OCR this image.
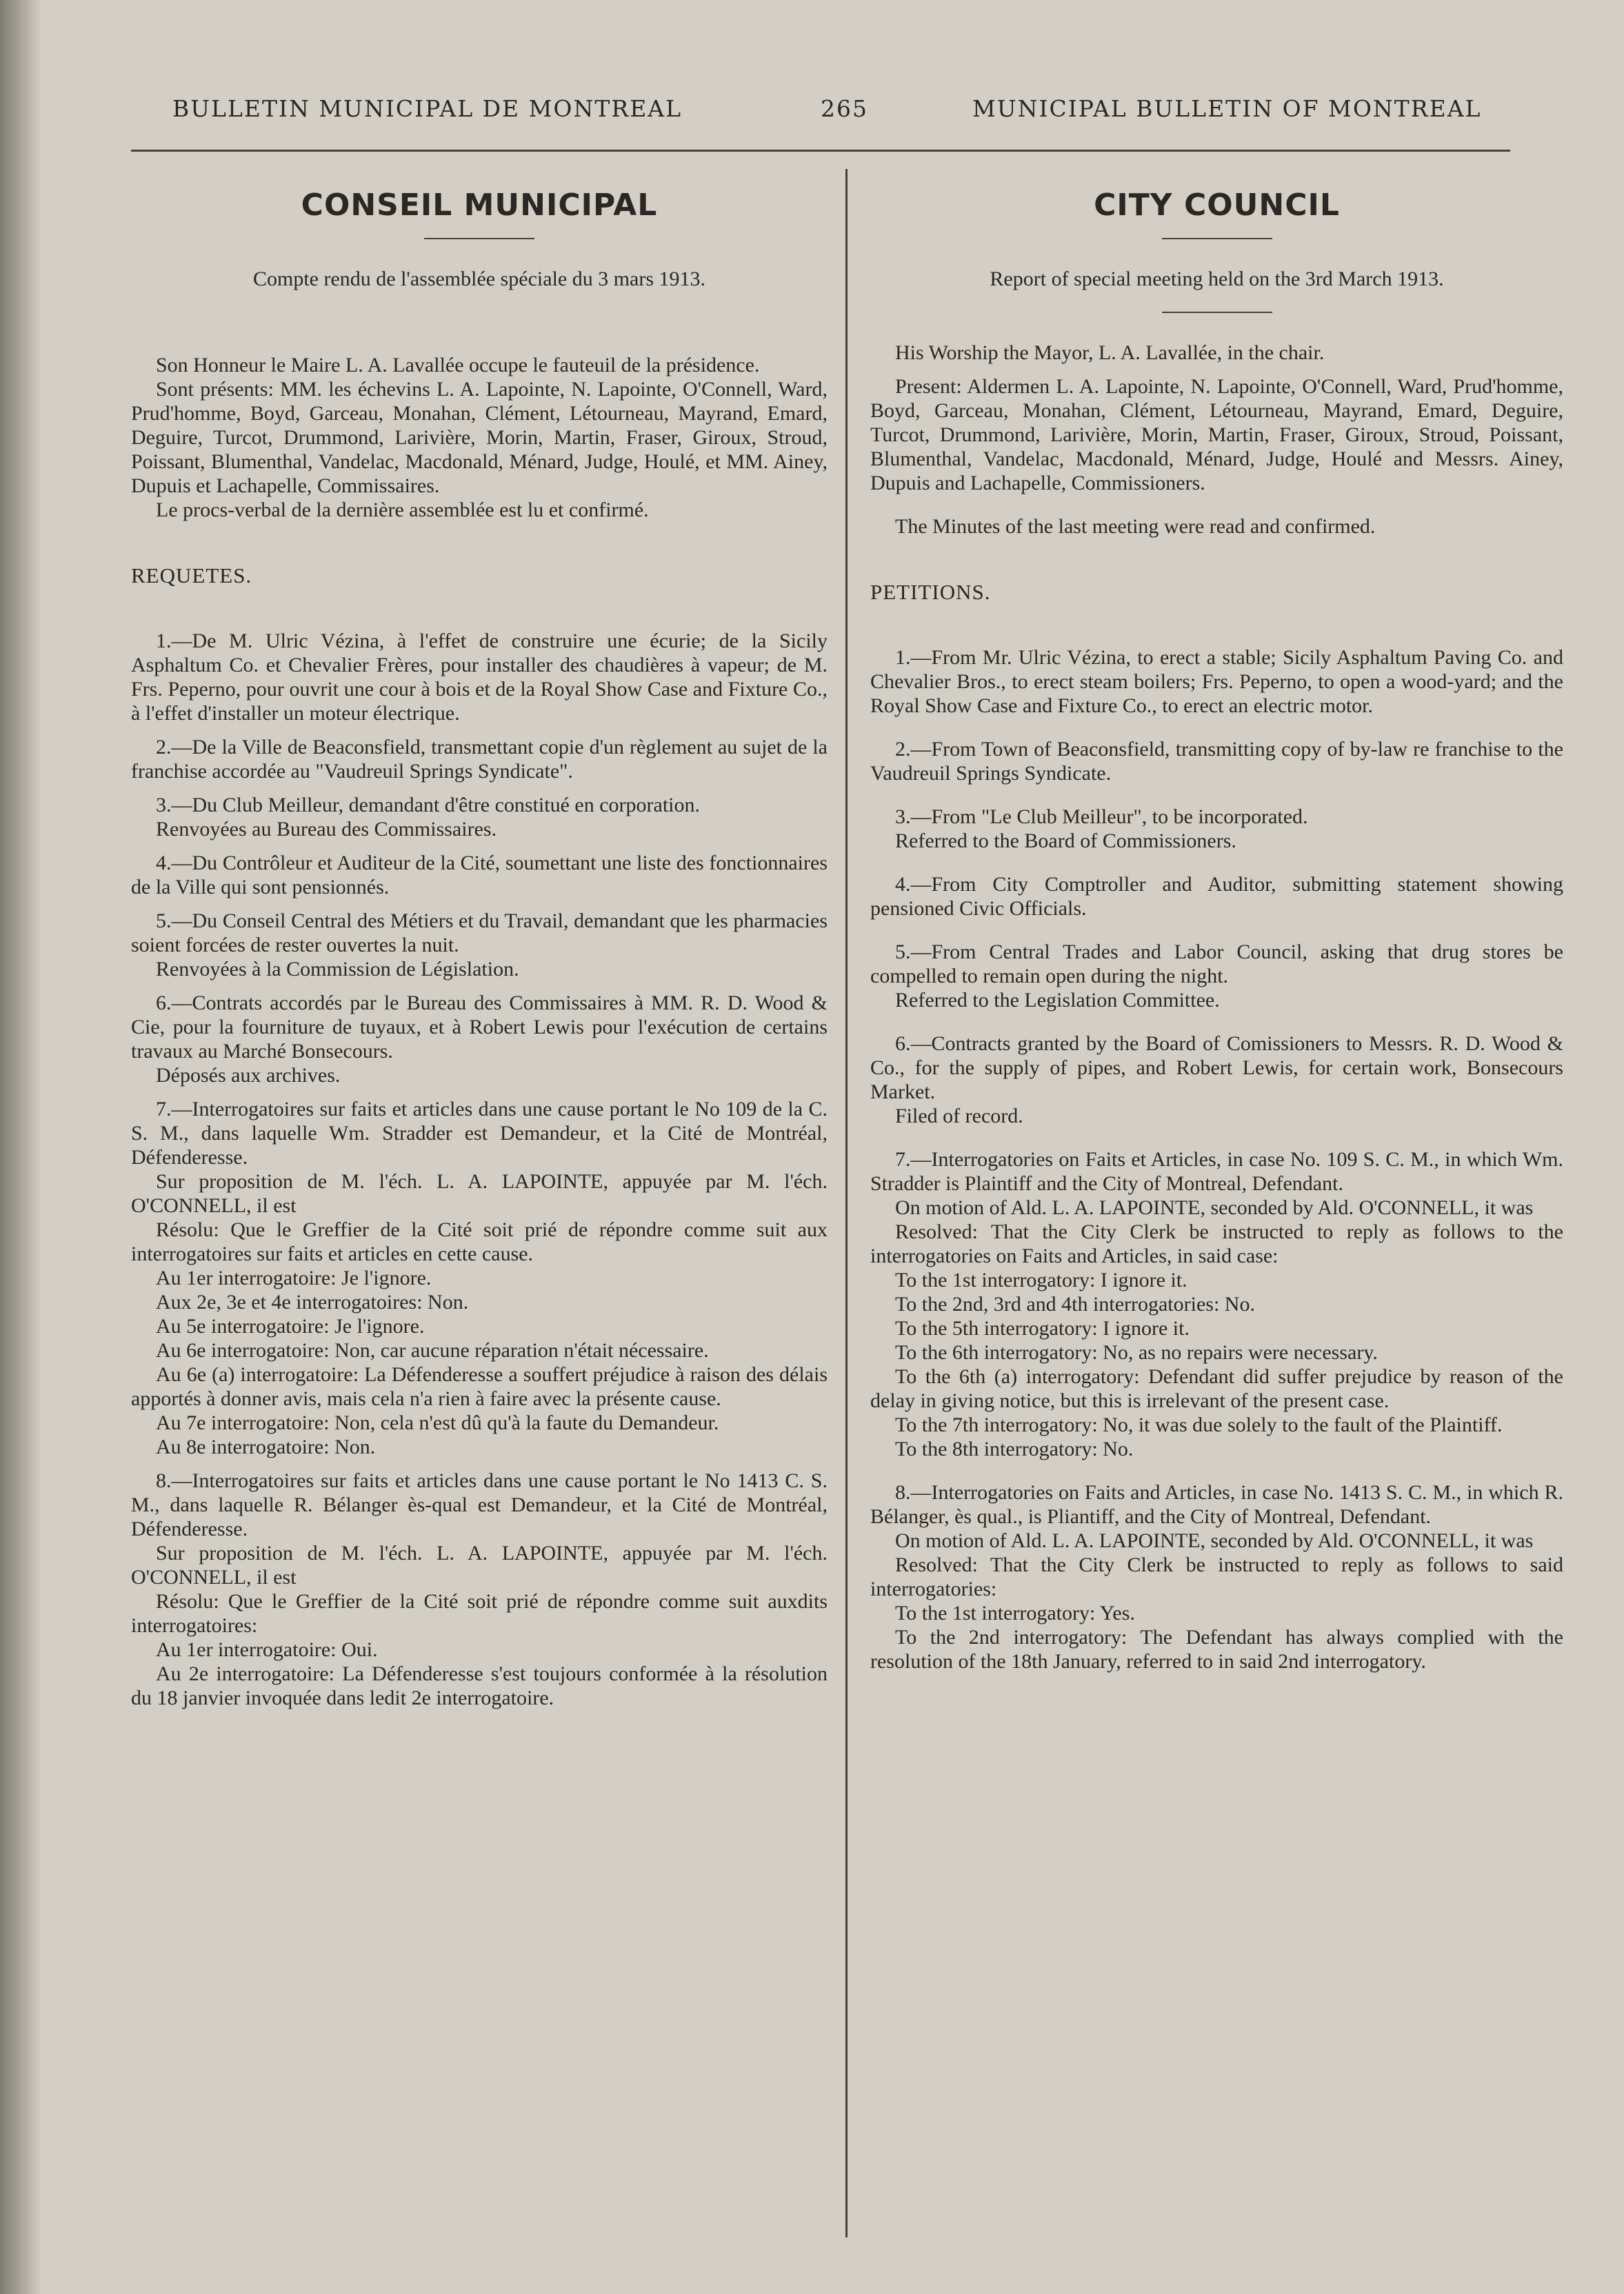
BULLETIN MUNICIPAL DE MONTREAL	265	MUNICIPAL BULLETIN OF MONTREAL
CONSEIL MUNICIPAL

Compte rendu de l'assemblée spéciale du 3 mars 1913.

Son Honneur le Maire L. A. Lavallée occupe le fauteuil de la présidence.

Sont présents: MM. les échevins L. A. Lapointe, N. Lapointe, O'Connell, Ward, Prud'homme, Boyd, Garceau, Monahan, Clément, Létourneau, Mayrand, Emard, Deguire, Turcot, Drummond, Larivière, Morin, Martin, Fraser, Giroux, Stroud, Poissant, Blumenthal, Vandelac, Macdonald, Ménard, Judge, Houlé, et MM. Ainey, Dupuis et Lachapelle, Commissaires.

Le procs-verbal de la dernière assemblée est lu et confirmé.

REQUETES.

1.—De M. Ulric Vézina, à l'effet de construire une écurie; de la Sicily Asphaltum Co. et Chevalier Frères, pour installer des chaudières à vapeur; de M. Frs. Peperno, pour ouvrit une cour à bois et de la Royal Show Case and Fixture Co., à l'effet d'installer un moteur électrique.

2.—De la Ville de Beaconsfield, transmettant copie d'un règlement au sujet de la franchise accordée au "Vaudreuil Springs Syndicate".

3.—Du Club Meilleur, demandant d'être constitué en corporation.

Renvoyées au Bureau des Commissaires.

4.—Du Contrôleur et Auditeur de la Cité, soumettant une liste des fonctionnaires de la Ville qui sont pensionnés.

5.—Du Conseil Central des Métiers et du Travail, demandant que les pharmacies soient forcées de rester ouvertes la nuit.

Renvoyées à la Commission de Législation.

6.—Contrats accordés par le Bureau des Commissaires à MM. R. D. Wood & Cie, pour la fourniture de tuyaux, et à Robert Lewis pour l'exécution de certains travaux au Marché Bonsecours.

Déposés aux archives.

7.—Interrogatoires sur faits et articles dans une cause portant le No 109 de la C. S. M., dans laquelle Wm. Stradder est Demandeur, et la Cité de Montréal, Défenderesse.

Sur proposition de M. l'éch. L. A. LAPOINTE, appuyée par M. l'éch. O'CONNELL, il est

Résolu: Que le Greffier de la Cité soit prié de répondre comme suit aux interrogatoires sur faits et articles en cette cause.

Au 1er interrogatoire: Je l'ignore.

Aux 2e, 3e et 4e interrogatoires: Non.

Au 5e interrogatoire: Je l'ignore.

Au 6e interrogatoire: Non, car aucune réparation n'était nécessaire.

Au 6e (a) interrogatoire: La Défenderesse a souffert préjudice à raison des délais apportés à donner avis, mais cela n'a rien à faire avec la présente cause.

Au 7e interrogatoire: Non, cela n'est dû qu'à la faute du Demandeur.

Au 8e interrogatoire: Non.

8.—Interrogatoires sur faits et articles dans une cause portant le No 1413 C. S. M., dans laquelle R. Bélanger ès-qual est Demandeur, et la Cité de Montréal, Défenderesse.

Sur proposition de M. l'éch. L. A. LAPOINTE, appuyée par M. l'éch. O'CONNELL, il est

Résolu: Que le Greffier de la Cité soit prié de répondre comme suit auxdits interrogatoires:

Au 1er interrogatoire: Oui.

Au 2e interrogatoire: La Défenderesse s'est toujours conformée à la résolution du 18 janvier invoquée dans ledit 2e interrogatoire.

CITY COUNCIL

Report of special meeting held on the 3rd March 1913.

His Worship the Mayor, L. A. Lavallée, in the chair.

Present: Aldermen L. A. Lapointe, N. Lapointe, O'Connell, Ward, Prud'homme, Boyd, Garceau, Monahan, Clément, Létourneau, Mayrand, Emard, Deguire, Turcot, Drummond, Larivière, Morin, Martin, Fraser, Giroux, Stroud, Poissant, Blumenthal, Vandelac, Macdonald, Ménard, Judge, Houlé and Messrs. Ainey, Dupuis and Lachapelle, Commissioners.

The Minutes of the last meeting were read and confirmed.

PETITIONS.

1.—From Mr. Ulric Vézina, to erect a stable; Sicily Asphaltum Paving Co. and Chevalier Bros., to erect steam boilers; Frs. Peperno, to open a wood-yard; and the Royal Show Case and Fixture Co., to erect an electric motor.

2.—From Town of Beaconsfield, transmitting copy of by-law re franchise to the Vaudreuil Springs Syndicate.

3.—From "Le Club Meilleur", to be incorporated.

Referred to the Board of Commissioners.

4.—From City Comptroller and Auditor, submitting statement showing pensioned Civic Officials.

5.—From Central Trades and Labor Council, asking that drug stores be compelled to remain open during the night.

Referred to the Legislation Committee.

6.—Contracts granted by the Board of Comissioners to Messrs. R. D. Wood & Co., for the supply of pipes, and Robert Lewis, for certain work, Bonsecours Market.

Filed of record.

7.—Interrogatories on Faits et Articles, in case No. 109 S. C. M., in which Wm. Stradder is Plaintiff and the City of Montreal, Defendant.

On motion of Ald. L. A. LAPOINTE, seconded by Ald. O'CONNELL, it was

Resolved: That the City Clerk be instructed to reply as follows to the interrogatories on Faits and Articles, in said case:

To the 1st interrogatory: I ignore it.

To the 2nd, 3rd and 4th interrogatories: No.

To the 5th interrogatory: I ignore it.

To the 6th interrogatory: No, as no repairs were necessary.

To the 6th (a) interrogatory: Defendant did suffer prejudice by reason of the delay in giving notice, but this is irrelevant of the present case.

To the 7th interrogatory: No, it was due solely to the fault of the Plaintiff.

To the 8th interrogatory: No.

8.—Interrogatories on Faits and Articles, in case No. 1413 S. C. M., in which R. Bélanger, ès qual., is Pliantiff, and the City of Montreal, Defendant.

On motion of Ald. L. A. LAPOINTE, seconded by Ald. O'CONNELL, it was

Resolved: That the City Clerk be instructed to reply as follows to said interrogatories:

To the 1st interrogatory: Yes.

To the 2nd interrogatory: The Defendant has always complied with the resolution of the 18th January, referred to in said 2nd interrogatory.
